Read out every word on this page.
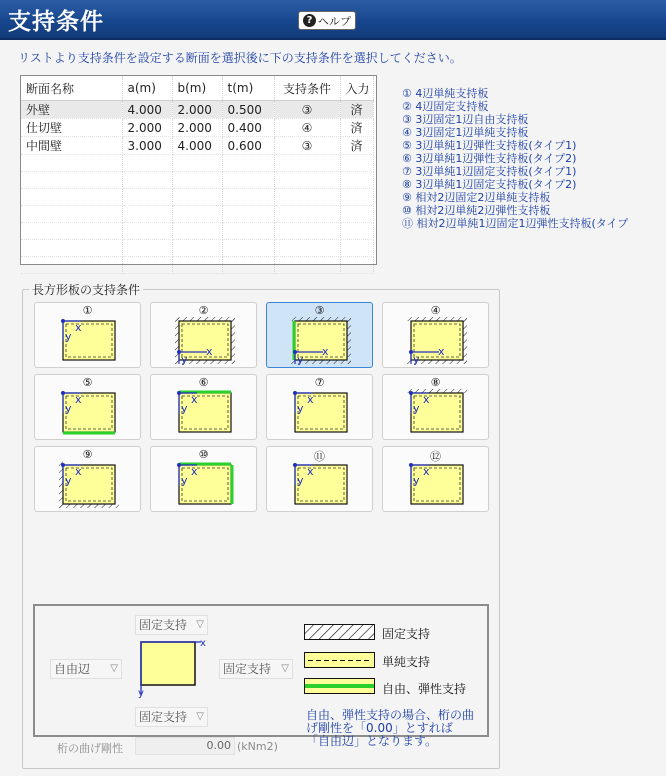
支持条件	? ヘルプ
リストより支持条件を設定する断面を選択後に下の支持条件を選択してください。
断面名称	a(m)	b(m)	t(m)	支持条件	入力
外壁	4.000	2.000	0.500	③	済
仕切壁	2.000	2.000	0.400	④	済
中間壁	3.000	4.000	0.600	③	済

① 4辺単純支持板
② 4辺固定支持板
③ 3辺固定1辺自由支持板
④ 3辺固定1辺単純支持板
⑤ 3辺単純1辺弾性支持板(タイプ1)
⑥ 3辺単純1辺弾性支持板(タイプ2)
⑦ 3辺単純1辺固定支持板(タイプ1)
⑧ 3辺単純1辺固定支持板(タイプ2)
⑨ 相対2辺固定2辺単純支持板
⑩ 相対2辺単純2辺弾性支持板
⑪ 相対2辺単純1辺固定1辺弾性支持板(タイプ
長方形板の支持条件
①
x
y
②
x
y
③
x
y
④
x
y
⑤
x
y
⑥
x
y
⑦
x
y
⑧
x
y
⑨
x
y
⑩
x
y
⑪
x
y
⑫
x
y
固定支持 ▽
自由辺 ▽	固定支持 ▽
固定支持 ▽
x
y
固定支持
単純支持
自由、弾性支持
自由、弾性支持の場合、桁の曲げ剛性を「0.00」とすれば「自由辺」となります。
桁の曲げ剛性	0.00 (kNm2)
